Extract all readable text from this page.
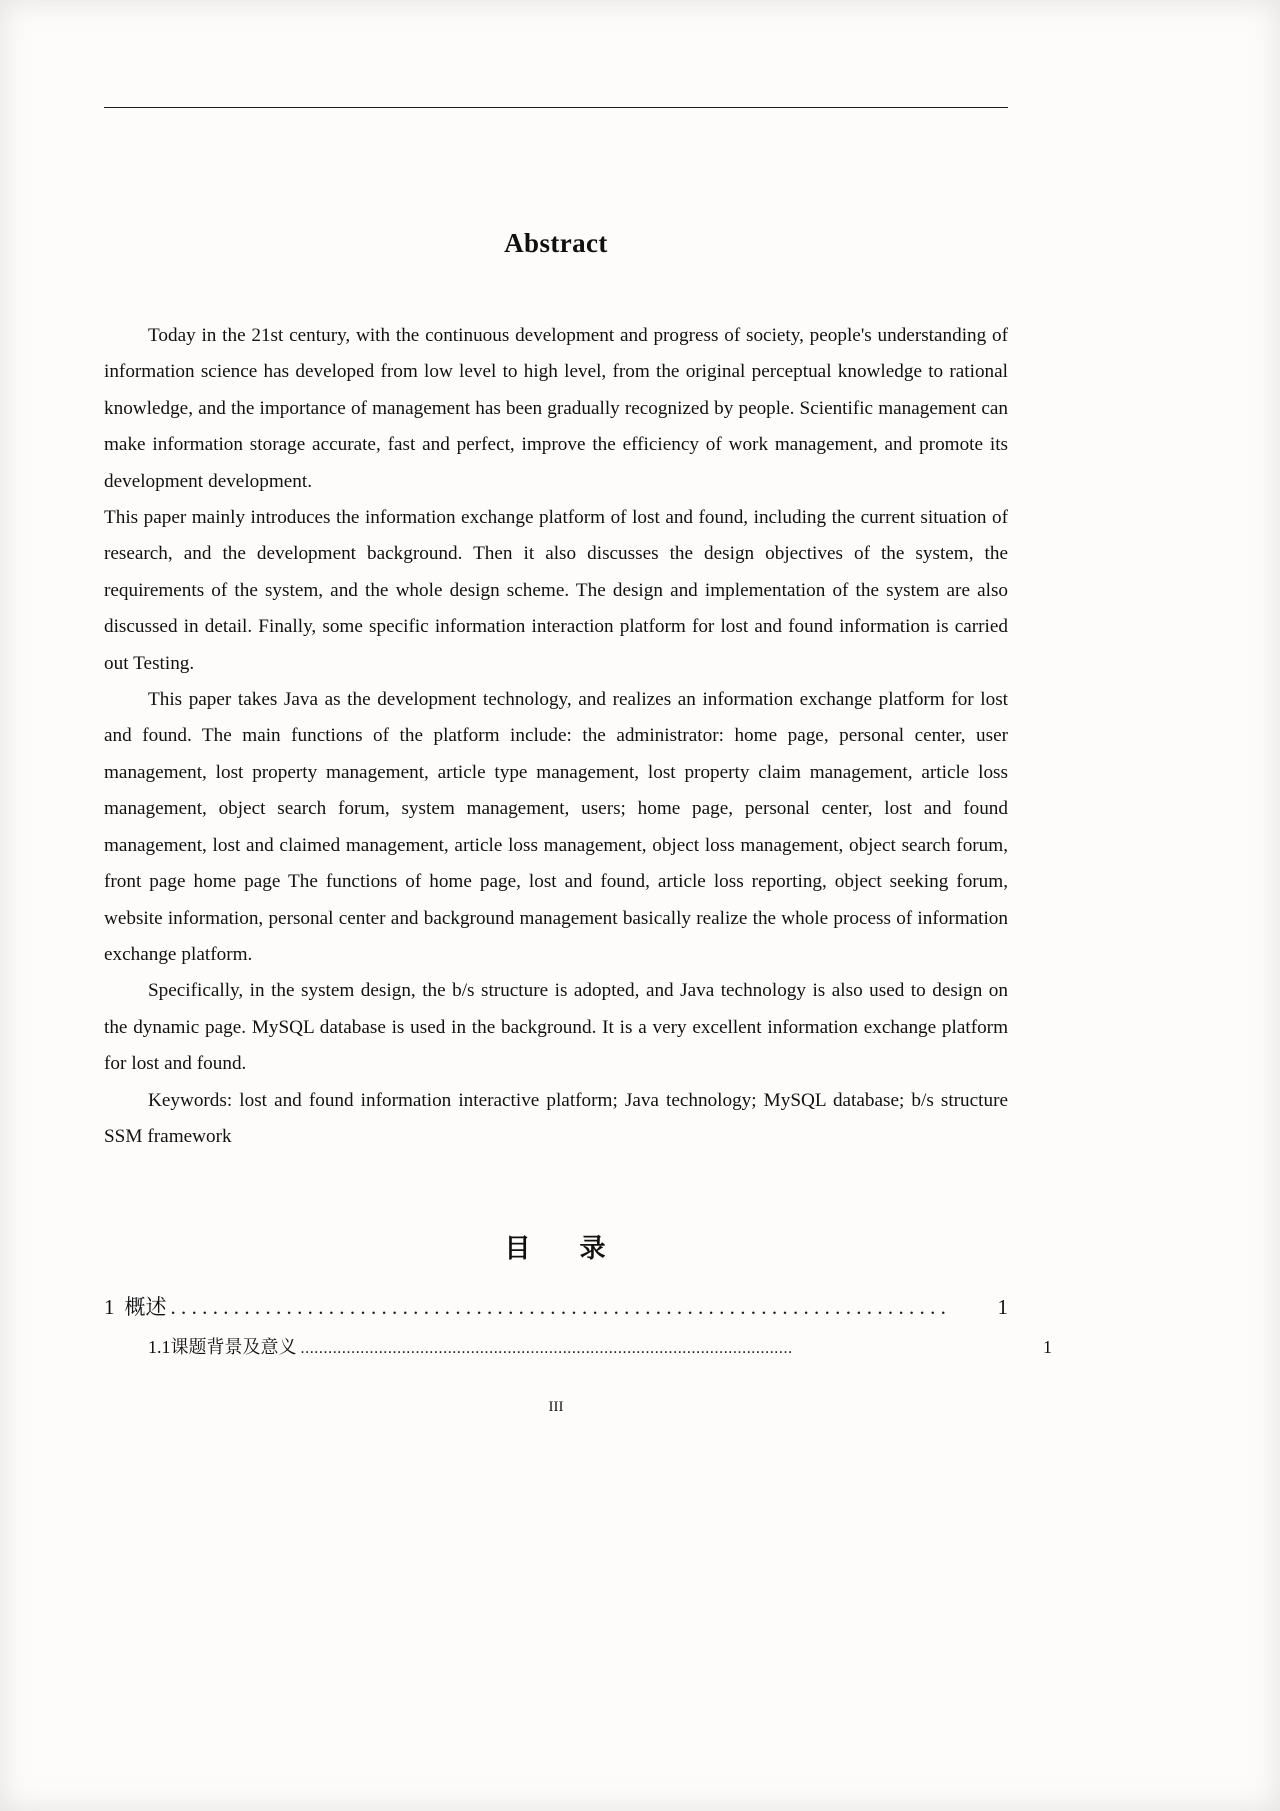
Abstract

Today in the 21st century, with the continuous development and progress of society, people's understanding of information science has developed from low level to high level, from the original perceptual knowledge to rational knowledge, and the importance of management has been gradually recognized by people. Scientific management can make information storage accurate, fast and perfect, improve the efficiency of work management, and promote its development development.

This paper mainly introduces the information exchange platform of lost and found, including the current situation of research, and the development background. Then it also discusses the design objectives of the system, the requirements of the system, and the whole design scheme. The design and implementation of the system are also discussed in detail. Finally, some specific information interaction platform for lost and found information is carried out Testing.

This paper takes Java as the development technology, and realizes an information exchange platform for lost and found. The main functions of the platform include: the administrator: home page, personal center, user management, lost property management, article type management, lost property claim management, article loss management, object search forum, system management, users; home page, personal center, lost and found management, lost and claimed management, article loss management, object loss management, object search forum, front page home page The functions of home page, lost and found, article loss reporting, object seeking forum, website information, personal center and background management basically realize the whole process of information exchange platform.

Specifically, in the system design, the b/s structure is adopted, and Java technology is also used to design on the dynamic page. MySQL database is used in the background. It is a very excellent information exchange platform for lost and found.

Keywords: lost and found information interactive platform; Java technology; MySQL database; b/s structure SSM framework

目 录
1 概述 ..........................................................................	1
1.1 课题背景及意义 ...........................................................................................................	1
III
